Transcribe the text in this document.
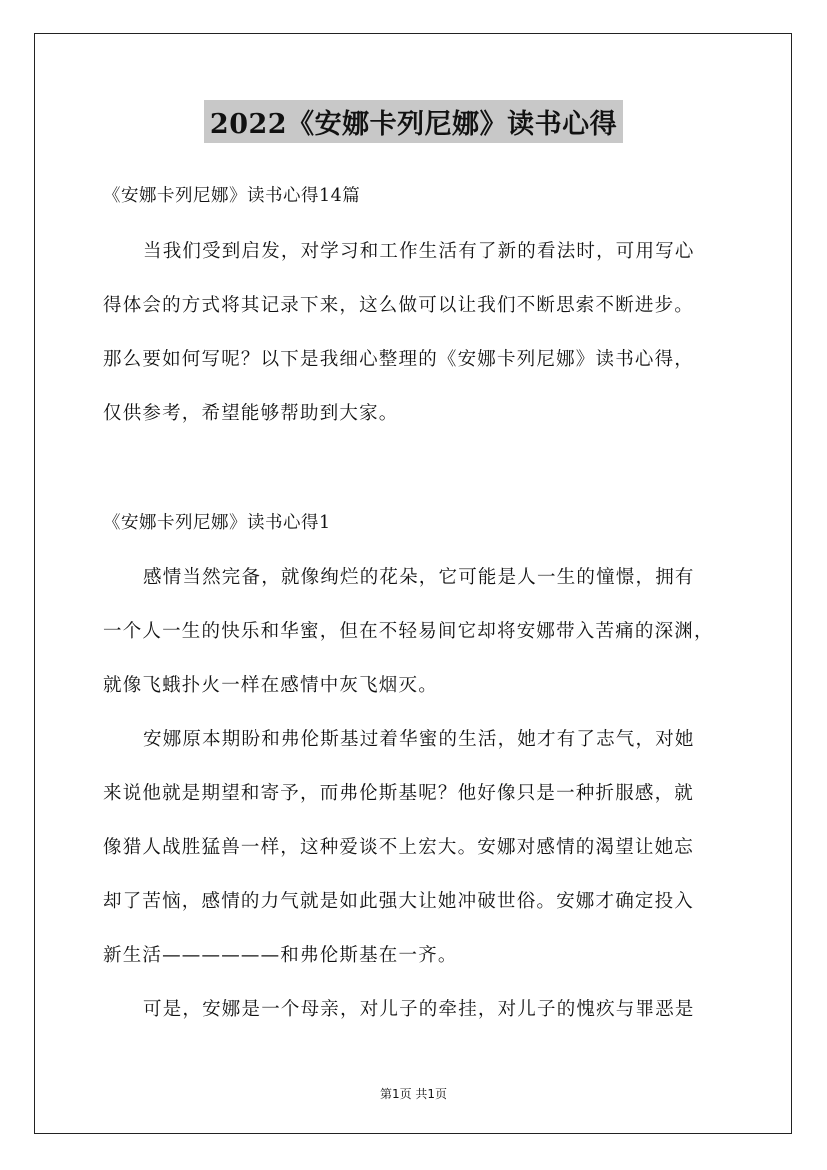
2022《安娜卡列尼娜》读书心得
《安娜卡列尼娜》读书心得14篇
当我们受到启发，对学习和工作生活有了新的看法时，可用写心
得体会的方式将其记录下来，这么做可以让我们不断思索不断进步。
那么要如何写呢？以下是我细心整理的《安娜卡列尼娜》读书心得，
仅供参考，希望能够帮助到大家。
《安娜卡列尼娜》读书心得1
感情当然完备，就像绚烂的花朵，它可能是人一生的憧憬，拥有
一个人一生的快乐和华蜜，但在不轻易间它却将安娜带入苦痛的深渊，
就像飞蛾扑火一样在感情中灰飞烟灭。
安娜原本期盼和弗伦斯基过着华蜜的生活，她才有了志气，对她
来说他就是期望和寄予，而弗伦斯基呢？他好像只是一种折服感，就
像猎人战胜猛兽一样，这种爱谈不上宏大。安娜对感情的渴望让她忘
却了苦恼，感情的力气就是如此强大让她冲破世俗。安娜才确定投入
新生活——————和弗伦斯基在一齐。
可是，安娜是一个母亲，对儿子的牵挂，对儿子的愧疚与罪恶是
第1页 共1页
